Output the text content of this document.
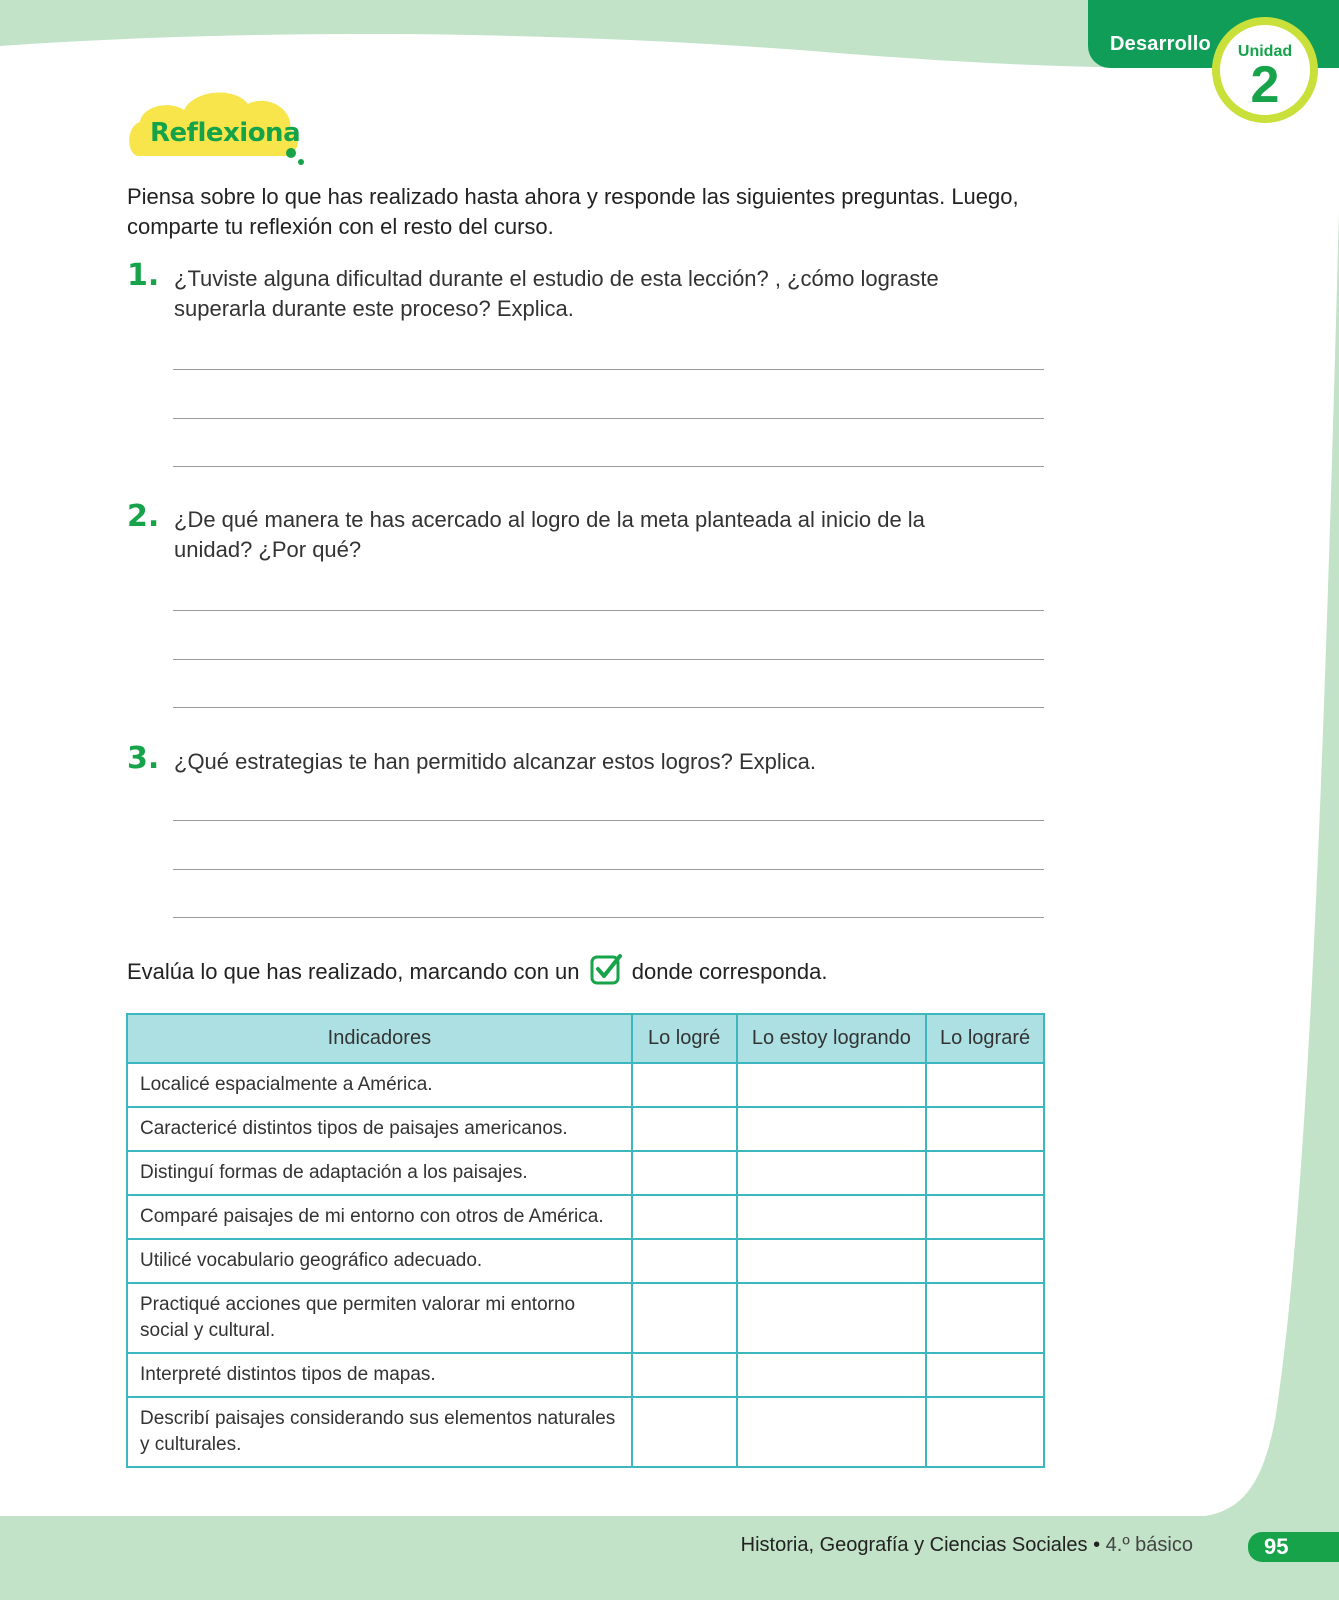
Desarrollo	Unidad
2
Reflexiona
Piensa sobre lo que has realizado hasta ahora y responde las siguientes preguntas. Luego, comparte tu reflexión con el resto del curso.
1. ¿Tuviste alguna dificultad durante el estudio de esta lección? , ¿cómo lograste superarla durante este proceso? Explica.
2. ¿De qué manera te has acercado al logro de la meta planteada al inicio de la unidad? ¿Por qué?
3. ¿Qué estrategias te han permitido alcanzar estos logros? Explica.
Evalúa lo que has realizado, marcando con un donde corresponda.
Indicadores	Lo logré	Lo estoy logrando	Lo lograré
Localicé espacialmente a América.			
Caractericé distintos tipos de paisajes americanos.			
Distinguí formas de adaptación a los paisajes.			
Comparé paisajes de mi entorno con otros de América.			
Utilicé vocabulario geográfico adecuado.			
Practiqué acciones que permiten valorar mi entorno social y cultural.			
Interpreté distintos tipos de mapas.			
Describí paisajes considerando sus elementos naturales y culturales.			
Historia, Geografía y Ciencias Sociales • 4.º básico	95
